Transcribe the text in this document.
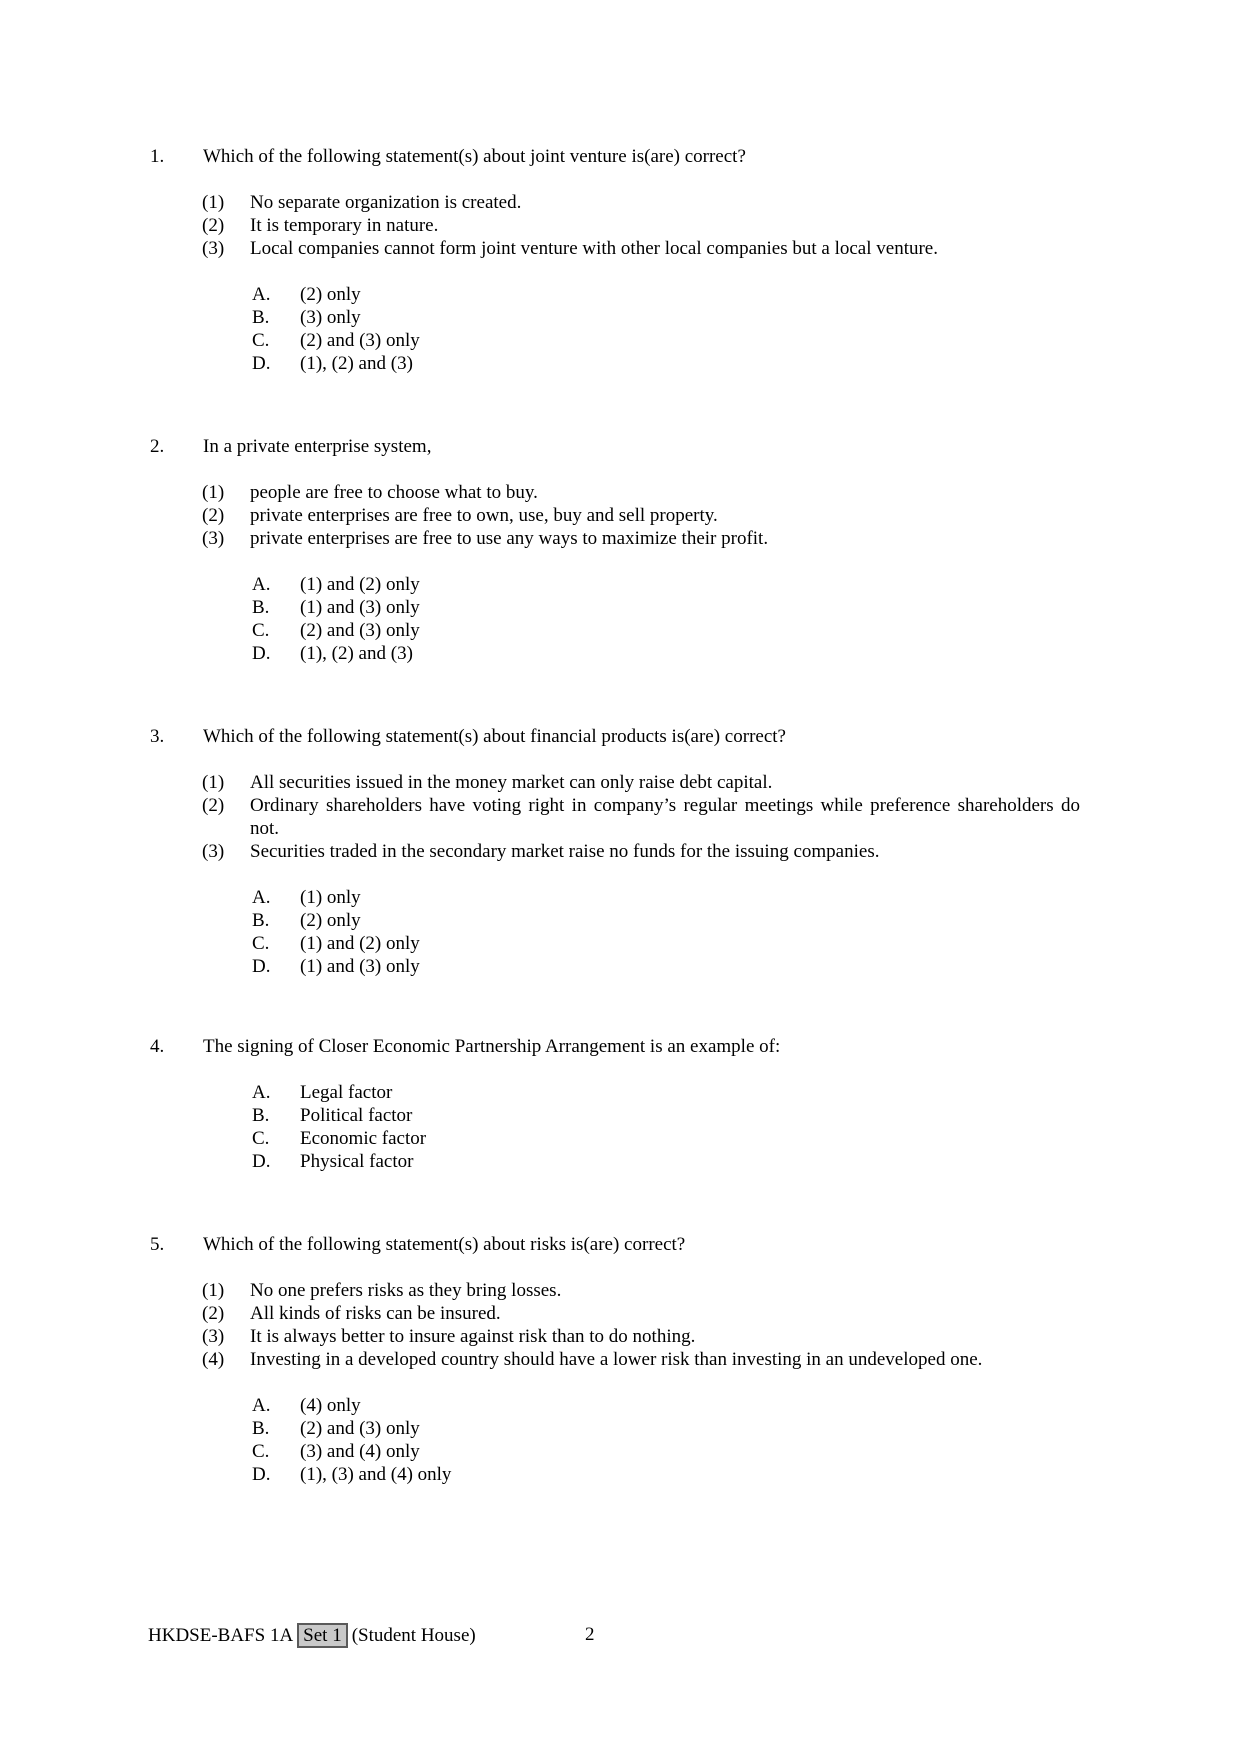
1.	Which of the following statement(s) about joint venture is(are) correct?
(1)	No separate organization is created.
(2)	It is temporary in nature.
(3)	Local companies cannot form joint venture with other local companies but a local venture.
A.	(2) only
B.	(3) only
C.	(2) and (3) only
D.	(1), (2) and (3)
2.	In a private enterprise system,
(1)	people are free to choose what to buy.
(2)	private enterprises are free to own, use, buy and sell property.
(3)	private enterprises are free to use any ways to maximize their profit.
A.	(1) and (2) only
B.	(1) and (3) only
C.	(2) and (3) only
D.	(1), (2) and (3)
3.	Which of the following statement(s) about financial products is(are) correct?
(1)	All securities issued in the money market can only raise debt capital.
(2)	Ordinary shareholders have voting right in company’s regular meetings while preference shareholders do not.
(3)	Securities traded in the secondary market raise no funds for the issuing companies.
A.	(1) only
B.	(2) only
C.	(1) and (2) only
D.	(1) and (3) only
4.	The signing of Closer Economic Partnership Arrangement is an example of:
A.	Legal factor
B.	Political factor
C.	Economic factor
D.	Physical factor
5.	Which of the following statement(s) about risks is(are) correct?
(1)	No one prefers risks as they bring losses.
(2)	All kinds of risks can be insured.
(3)	It is always better to insure against risk than to do nothing.
(4)	Investing in a developed country should have a lower risk than investing in an undeveloped one.
A.	(4) only
B.	(2) and (3) only
C.	(3) and (4) only
D.	(1), (3) and (4) only
HKDSE-BAFS 1A Set 1 (Student House)	2
